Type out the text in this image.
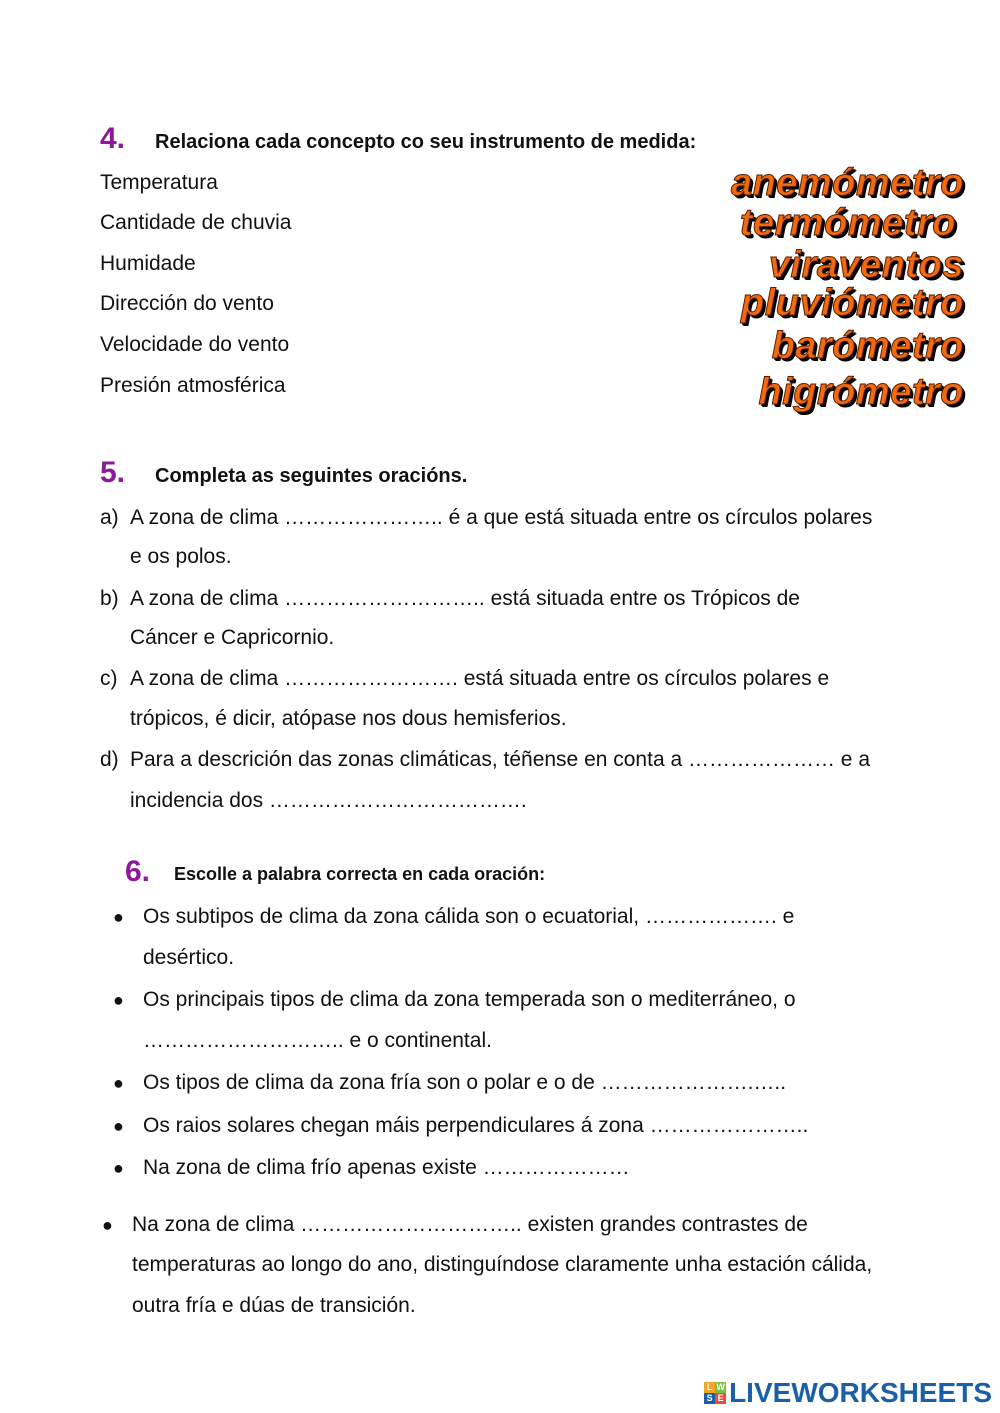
4. Relaciona cada concepto co seu instrumento de medida:
Temperatura
Cantidade de chuvia
Humidade
Dirección do vento
Velocidade do vento
Presión atmosférica
anemómetro
termómetro
viraventos
pluviómetro
barómetro
higrómetro
5. Completa as seguintes oracións.
a) A zona de clima ………………….. é a que está situada entre os círculos polares
e os polos.
b) A zona de clima ……………………….. está situada entre os Trópicos de
Cáncer e Capricornio.
c) A zona de clima ……………………. está situada entre os círculos polares e
trópicos, é dicir, atópase nos dous hemisferios.
d) Para a descrición das zonas climáticas, téñense en conta a ………………… e a
incidencia dos ……………………………….
6. Escolle a palabra correcta en cada oración:
● Os subtipos de clima da zona cálida son o ecuatorial, ………………. e
desértico.
● Os principais tipos de clima da zona temperada son o mediterráneo, o
……………………….. e o continental.
● Os tipos de clima da zona fría son o polar e o de ………………….…..
● Os raios solares chegan máis perpendiculares á zona …………………..
● Na zona de clima frío apenas existe …………………
● Na zona de clima ………………………….. existen grandes contrastes de
temperaturas ao longo do ano, distinguíndose claramente unha estación cálida,
outra fría e dúas de transición.
L W
S E LIVEWORKSHEETS
